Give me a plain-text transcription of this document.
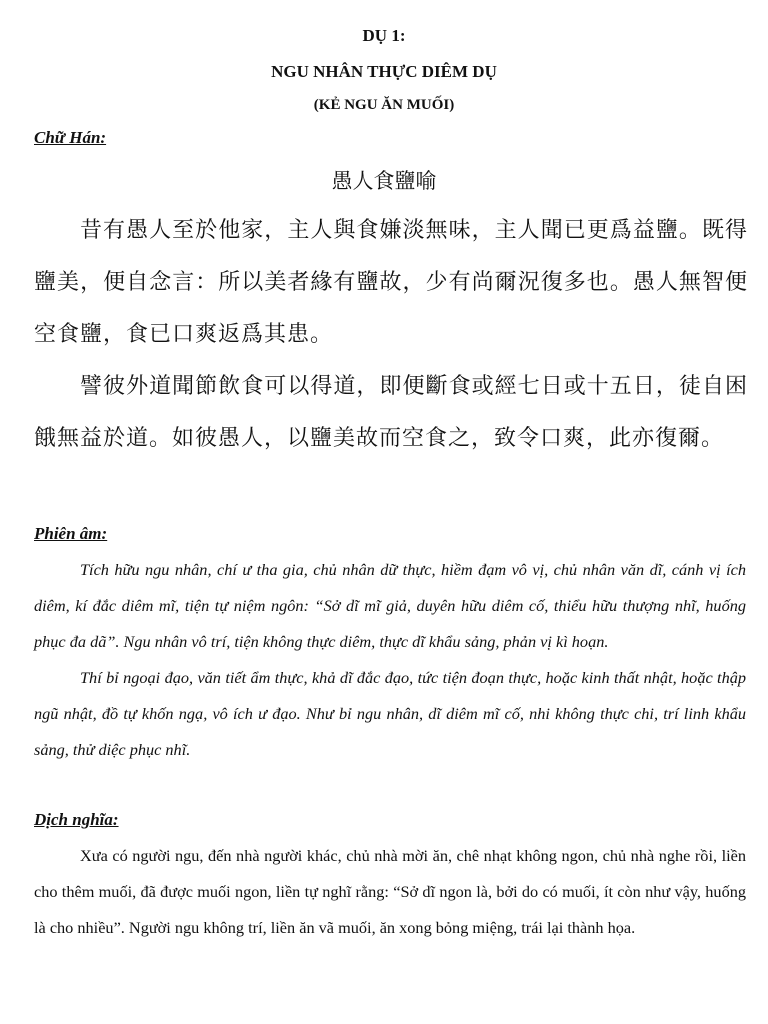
DỤ 1:
NGU NHÂN THỰC DIÊM DỤ
(KẺ NGU ĂN MUỐI)
Chữ Hán:
愚人食鹽喻

昔有愚人至於他家，主人與食嫌淡無味，主人聞已更爲益鹽。既得鹽美，便自念言：所以美者緣有鹽故，少有尚爾況復多也。愚人無智便空食鹽，食已口爽返爲其患。

譬彼外道聞節飲食可以得道，即便斷食或經七日或十五日，徒自困餓無益於道。如彼愚人，以鹽美故而空食之，致令口爽，此亦復爾。

Phiên âm:

Tích hữu ngu nhân, chí ư tha gia, chủ nhân dữ thực, hiềm đạm vô vị, chủ nhân văn dĩ, cánh vị ích diêm, kí đắc diêm mĩ, tiện tự niệm ngôn: “Sở dĩ mĩ giả, duyên hữu diêm cố, thiểu hữu thượng nhĩ, huống phục đa dã”. Ngu nhân vô trí, tiện không thực diêm, thực dĩ khẩu sảng, phản vị kì hoạn.

Thí bỉ ngoại đạo, văn tiết ẩm thực, khả dĩ đắc đạo, tức tiện đoạn thực, hoặc kinh thất nhật, hoặc thập ngũ nhật, đồ tự khốn ngạ, vô ích ư đạo. Như bỉ ngu nhân, dĩ diêm mĩ cố, nhi không thực chi, trí linh khẩu sảng, thử diệc phục nhĩ.

Dịch nghĩa:

Xưa có người ngu, đến nhà người khác, chủ nhà mời ăn, chê nhạt không ngon, chủ nhà nghe rồi, liền cho thêm muối, đã được muối ngon, liền tự nghĩ rằng: “Sở dĩ ngon là, bởi do có muối, ít còn như vậy, huống là cho nhiều”. Người ngu không trí, liền ăn vã muối, ăn xong bỏng miệng, trái lại thành họa.
